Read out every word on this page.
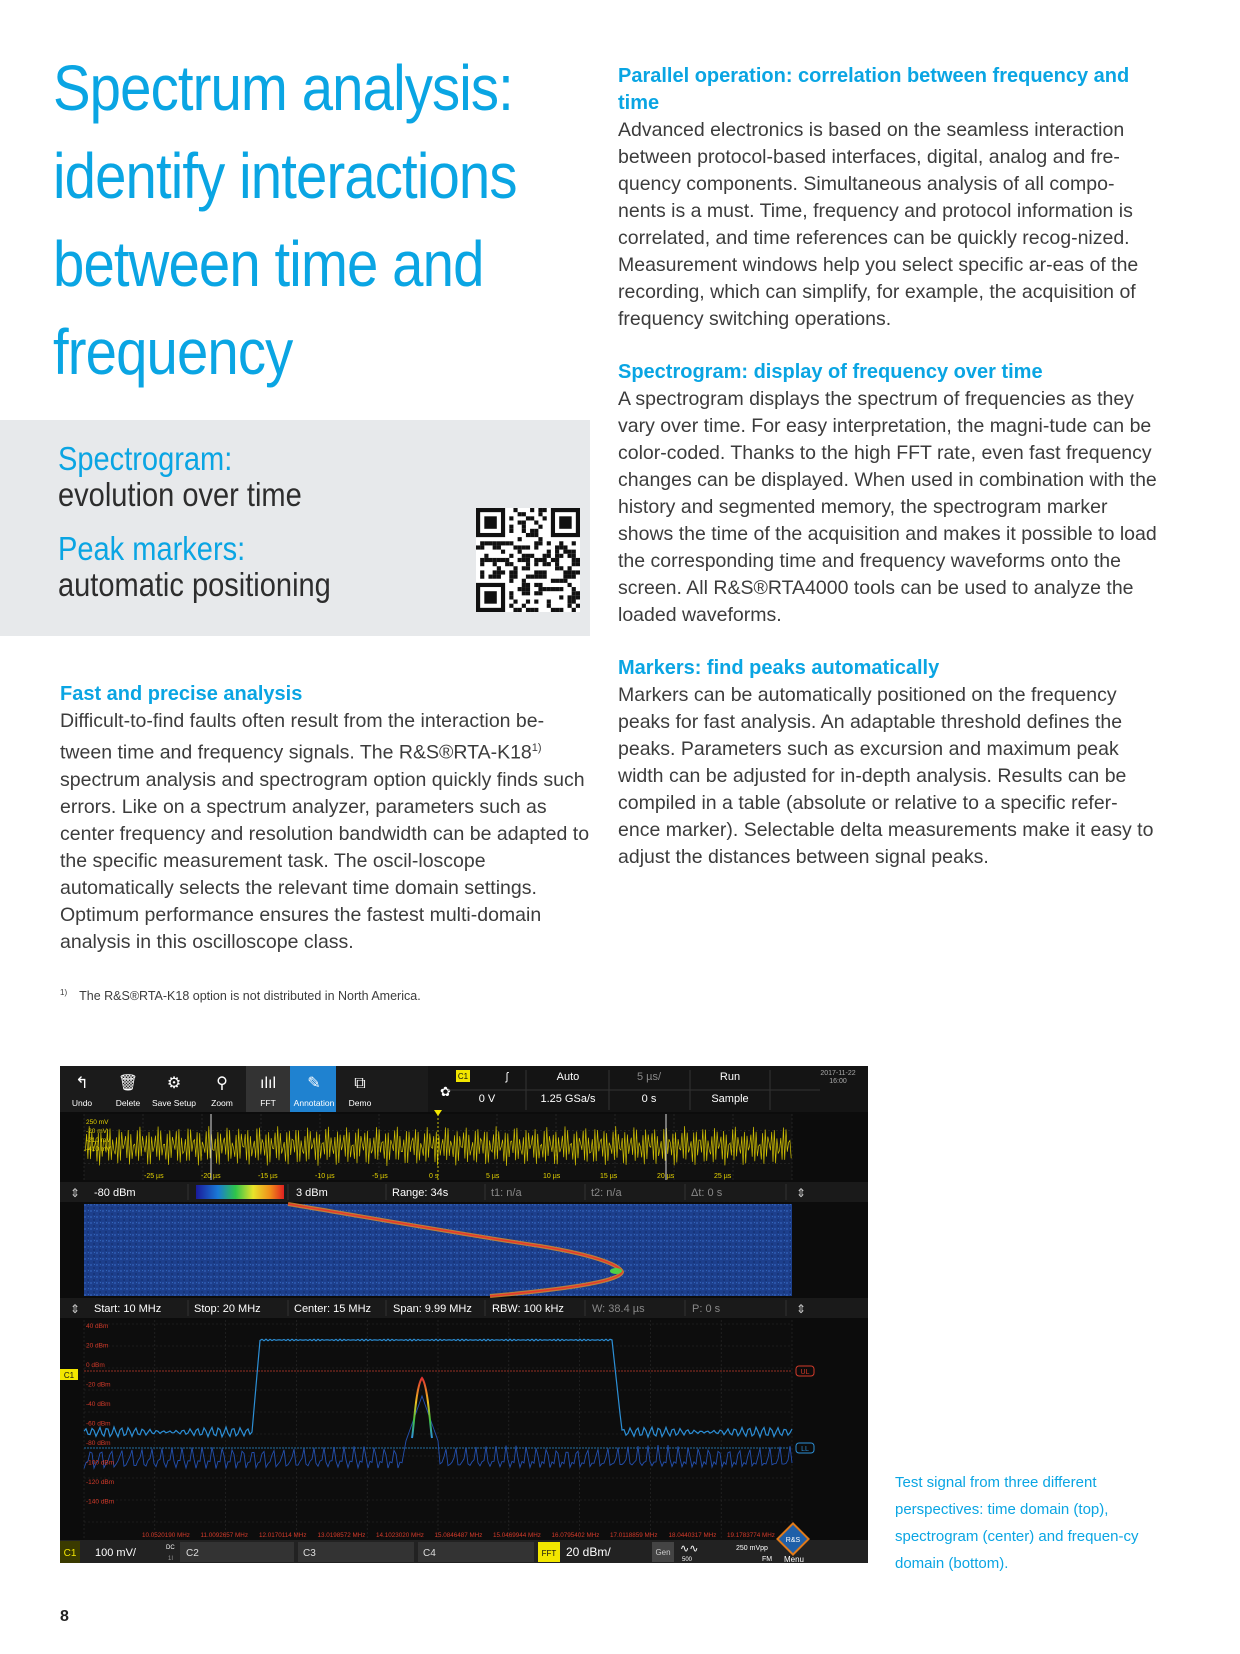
Spectrum analysis:
identify interactions
between time and
frequency
Spectrogram:
evolution over time
Peak markers:
automatic positioning
Fast and precise analysis

Difficult-to-find faults often result from the interaction be-tween time and frequency signals. The R&S®RTA-K18$^{1)}$ spectrum analysis and spectrogram option quickly finds such errors. Like on a spectrum analyzer, parameters such as center frequency and resolution bandwidth can be adapted to the specific measurement task. The oscil-loscope automatically selects the relevant time domain settings. Optimum performance ensures the fastest multi-domain analysis in this oscilloscope class.

$^{1)}$ The R&S®RTA-K18 option is not distributed in North America.
Parallel operation: correlation between frequency and time

Advanced electronics is based on the seamless interaction between protocol-based interfaces, digital, analog and fre-quency components. Simultaneous analysis of all compo-nents is a must. Time, frequency and protocol information is correlated, and time references can be quickly recog-nized. Measurement windows help you select specific ar-eas of the recording, which can simplify, for example, the acquisition of frequency switching operations.

Spectrogram: display of frequency over time

A spectrogram displays the spectrum of frequencies as they vary over time. For easy interpretation, the magni-tude can be color-coded. Thanks to the high FFT rate, even fast frequency changes can be displayed. When used in combination with the history and segmented memory, the spectrogram marker shows the time of the acquisition and makes it possible to load the corresponding time and frequency waveforms onto the screen. All R&S®RTA4000 tools can be used to analyze the loaded waveforms.

Markers: find peaks automatically

Markers can be automatically positioned on the frequency peaks for fast analysis. An adaptable threshold defines the peaks. Parameters such as excursion and maximum peak width can be adjusted for in-depth analysis. Results can be compiled in a table (absolute or relative to a specific refer-ence marker). Selectable delta measurements make it easy to adjust the distances between signal peaks.

↰
Undo
🗑
Delete
⚙
Save Setup
⚲
Zoom
ılıl
FFT
✎
Annotation
⧉
Demo
C1	ʃ	Auto	5 µs/	Run
0 V	1.25 GSa/s	0 s	Sample
2017-11-22
16:00
✿
-25 µs	-20 µs	-15 µs	-10 µs	-5 µs	0 s	5 µs	10 µs	15 µs	20 µs	25 µs
250 mV
-20 mV
-210 mV
-410 mV
⇕ -80 dBm	3 dBm	Range: 34s	t1: n/a	t2: n/a	Δt: 0 s	⇕
⇕ Start: 10 MHz	Stop: 20 MHz	Center: 15 MHz Span: 9.99 MHz RBW: 100 kHz	W: 38.4 µs	P: 0 s	⇕
40 dBm
20 dBm
0 dBm
-20 dBm
-40 dBm
-60 dBm
-80 dBm
-100 dBm
-120 dBm
-140 dBm
10.0520190 MHz 11.0092657 MHz 12.0170114 MHz 13.0198572 MHz 14.1023020 MHz 15.0846487 MHz 15.0469944 MHz 16.0795402 MHz 17.0118859 MHz 18.0440317 MHz 19.1783774 MHz
C1	UL
LL
C1 100 mV/	DC
1I C2	C3	C4	FFT 20 dBm/	Gen ∿∿
500
250 mVpp
FM
R&S
Menu
Test signal from three different perspectives: time domain (top), spectrogram (center) and frequen-cy domain (bottom).
8
